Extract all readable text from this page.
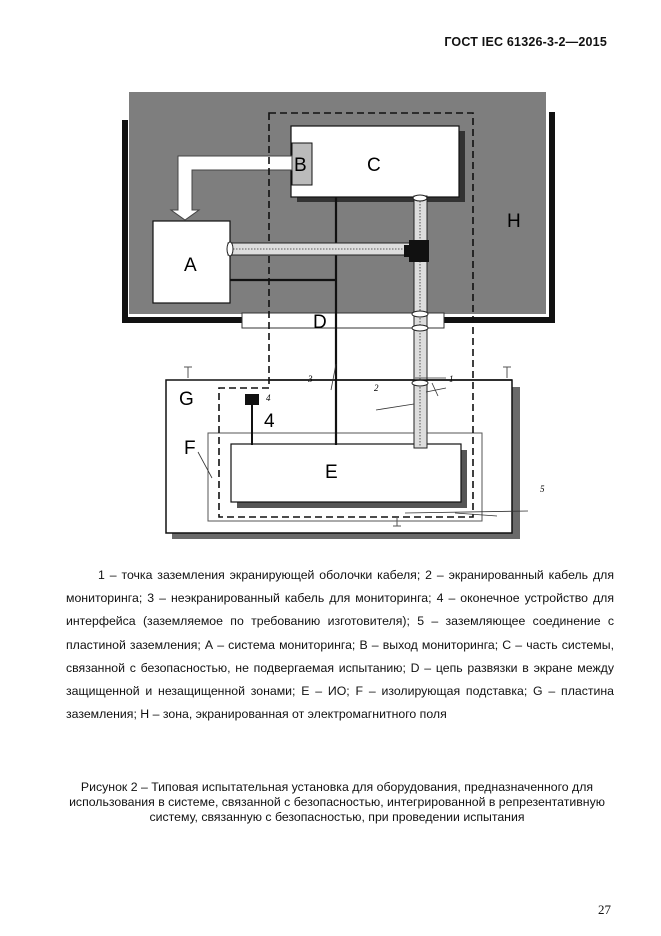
ГОСТ IEC 61326-3-2—2015
A
B	C
D
E
F
G
H
4
1
2
3
4
5

1 – точка заземления экранирующей оболочки кабеля; 2 – экранированный кабель для мониторинга; 3 – неэкранированный кабель для мониторинга; 4 – оконечное устройство для интерфейса (заземляемое по требованию изготовителя); 5 – заземляющее соединение с пластиной заземления; А – система мониторинга; В – выход мониторинга; С – часть системы, связанной с безопасностью, не подвергаемая испытанию; D – цепь развязки в экране между защищенной и незащищенной зонами; Е – ИО; F – изолирующая подставка; G – пластина заземления; Н – зона, экранированная от электромагнитного поля

Рисунок 2 – Типовая испытательная установка для оборудования, предназначенного для использования в системе, связанной с безопасностью, интегрированной в репрезентативную систему, связанную с безопасностью, при проведении испытания
27
